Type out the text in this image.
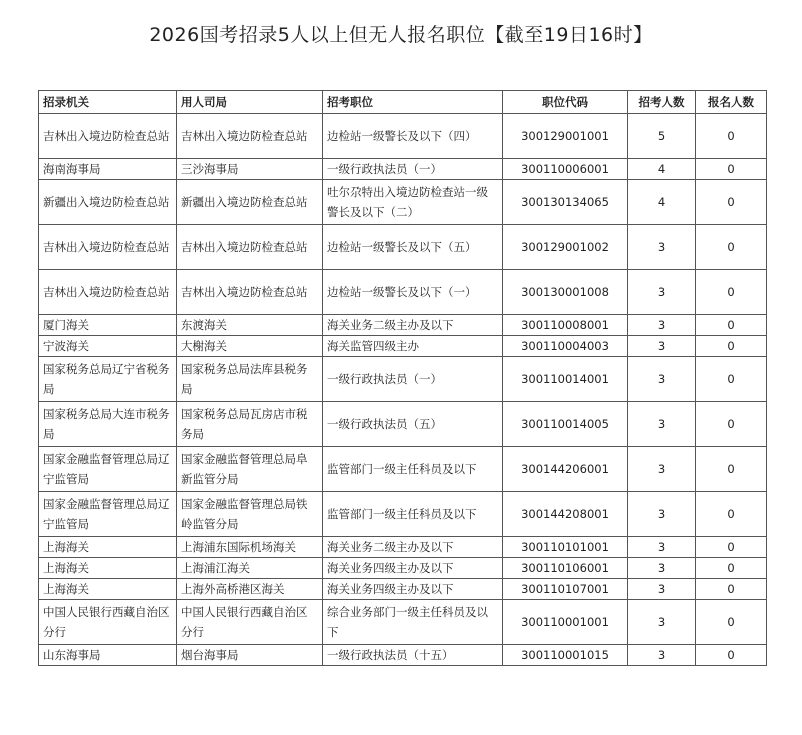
2026国考招录5人以上但无人报名职位【截至19日16时】
招录机关	用人司局	招考职位	职位代码	招考人数	报名人数
吉林出入境边防检查总站	吉林出入境边防检查总站	边检站一级警长及以下（四）	300129001001	5	0
海南海事局	三沙海事局	一级行政执法员（一）	300110006001	4	0
新疆出入境边防检查总站	新疆出入境边防检查总站	吐尔尕特出入境边防检查站一级警长及以下（二）	300130134065	4	0
吉林出入境边防检查总站	吉林出入境边防检查总站	边检站一级警长及以下（五）	300129001002	3	0
吉林出入境边防检查总站	吉林出入境边防检查总站	边检站一级警长及以下（一）	300130001008	3	0
厦门海关	东渡海关	海关业务二级主办及以下	300110008001	3	0
宁波海关	大榭海关	海关监管四级主办	300110004003	3	0
国家税务总局辽宁省税务局	国家税务总局法库县税务局	一级行政执法员（一）	300110014001	3	0
国家税务总局大连市税务局	国家税务总局瓦房店市税务局	一级行政执法员（五）	300110014005	3	0
国家金融监督管理总局辽宁监管局	国家金融监督管理总局阜新监管分局	监管部门一级主任科员及以下	300144206001	3	0
国家金融监督管理总局辽宁监管局	国家金融监督管理总局铁岭监管分局	监管部门一级主任科员及以下	300144208001	3	0
上海海关	上海浦东国际机场海关	海关业务二级主办及以下	300110101001	3	0
上海海关	上海浦江海关	海关业务四级主办及以下	300110106001	3	0
上海海关	上海外高桥港区海关	海关业务四级主办及以下	300110107001	3	0
中国人民银行西藏自治区分行	中国人民银行西藏自治区分行	综合业务部门一级主任科员及以下	300110001001	3	0
山东海事局	烟台海事局	一级行政执法员（十五）	300110001015	3	0
